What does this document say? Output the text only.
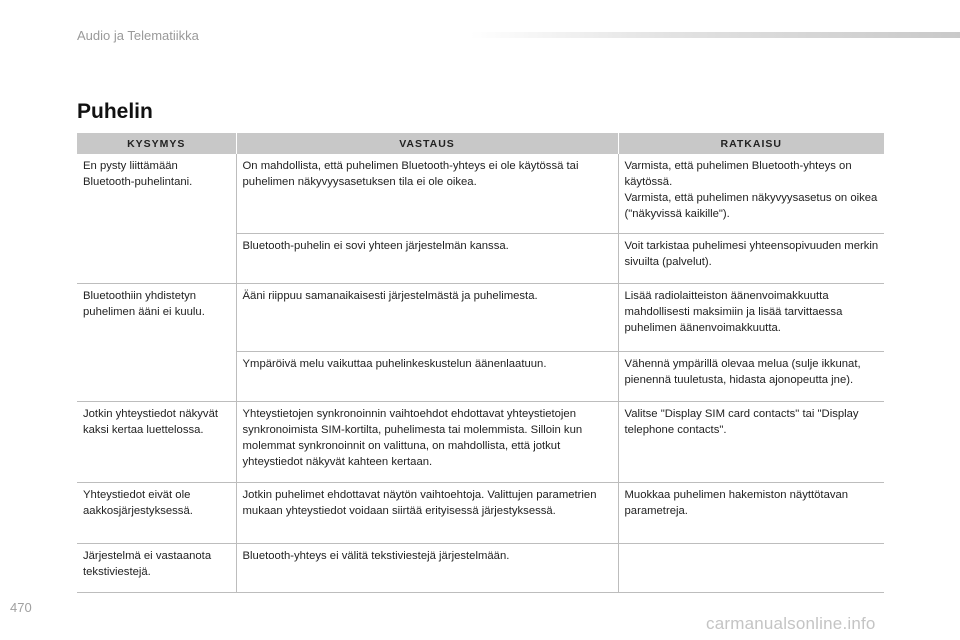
Audio ja Telematiikka
Puhelin
KYSYMYS	VASTAUS	RATKAISU
En pysty liittämään Bluetooth-puhelintani.	On mahdollista, että puhelimen Bluetooth-yhteys ei ole käytössä tai puhelimen näkyvyysasetuksen tila ei ole oikea.	Varmista, että puhelimen Bluetooth-yhteys on käytössä.
Varmista, että puhelimen näkyvyysasetus on oikea ("näkyvissä kaikille").
	Bluetooth-puhelin ei sovi yhteen järjestelmän kanssa.	Voit tarkistaa puhelimesi yhteensopivuuden merkin sivuilta (palvelut).
Bluetoothiin yhdistetyn puhelimen ääni ei kuulu.	Ääni riippuu samanaikaisesti järjestelmästä ja puhelimesta.	Lisää radiolaitteiston äänenvoimakkuutta mahdollisesti maksimiin ja lisää tarvittaessa puhelimen äänenvoimakkuutta.
	Ympäröivä melu vaikuttaa puhelinkeskustelun äänenlaatuun.	Vähennä ympärillä olevaa melua (sulje ikkunat, pienennä tuuletusta, hidasta ajonopeutta jne).
Jotkin yhteystiedot näkyvät kaksi kertaa luettelossa.	Yhteystietojen synkronoinnin vaihtoehdot ehdottavat yhteystietojen synkronoimista SIM-kortilta, puhelimesta tai molemmista. Silloin kun molemmat synkronoinnit on valittuna, on mahdollista, että jotkut yhteystiedot näkyvät kahteen kertaan.	Valitse "Display SIM card contacts" tai "Display telephone contacts".
Yhteystiedot eivät ole aakkosjärjestyksessä.	Jotkin puhelimet ehdottavat näytön vaihtoehtoja. Valittujen parametrien mukaan yhteystiedot voidaan siirtää erityisessä järjestyksessä.	Muokkaa puhelimen hakemiston näyttötavan parametreja.
Järjestelmä ei vastaanota tekstiviestejä.	Bluetooth-yhteys ei välitä tekstiviestejä järjestelmään.	
470
carmanualsonline.info
